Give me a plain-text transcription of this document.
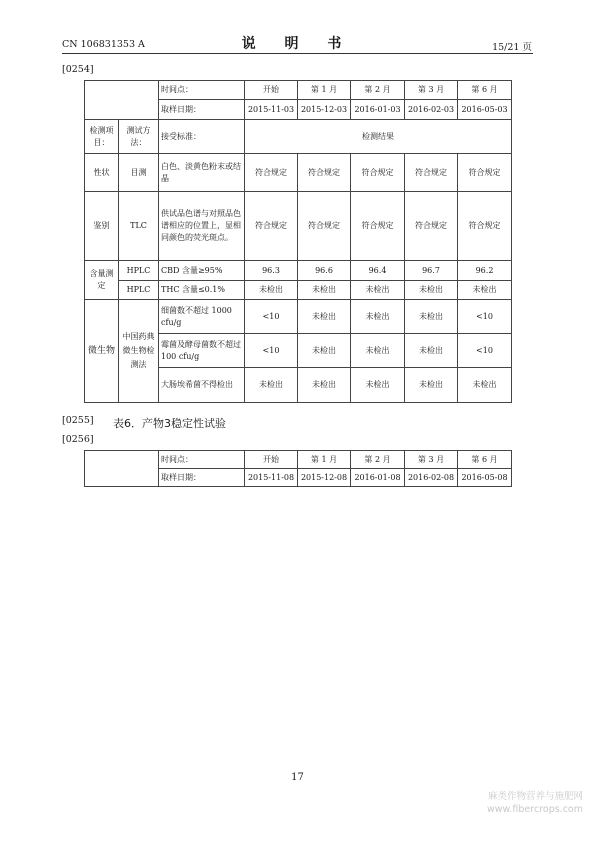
CN 106831353 A	说 明 书	15/21 页
[0254]
		时间点：	开始	第 1 月	第 2 月	第 3 月	第 6 月
		取样日期：	2015-11-03	2015-12-03	2016-01-03	2016-02-03	2016-05-03
检测项目：	测试方法：	接受标准：	检测结果				
性状	目测	白色、淡黄色粉末或结晶	符合规定	符合规定	符合规定	符合规定	符合规定
鉴别	TLC	供试品色谱与对照品色谱相应的位置上，显相同颜色的荧光斑点。	符合规定	符合规定	符合规定	符合规定	符合规定
含量测定	HPLC	CBD 含量≥95%	96.3	96.6	96.4	96.7	96.2
	HPLC	THC 含量≤0.1%	未检出	未检出	未检出	未检出	未检出
微生物	中国药典微生物检测法	细菌数不超过 1000 cfu/g	<10	未检出	未检出	未检出	<10
		霉菌及酵母菌数不超过 100 cfu/g	<10	未检出	未检出	未检出	<10
		大肠埃希菌不得检出	未检出	未检出	未检出	未检出	未检出
[0255] 表6．产物3稳定性试验
[0256]
	时间点：	开始	第 1 月	第 2 月	第 3 月	第 6 月
	取样日期：	2015-11-08	2015-12-08	2016-01-08	2016-02-08	2016-05-08
17
麻类作物营养与施肥网
www.fibercrops.com
